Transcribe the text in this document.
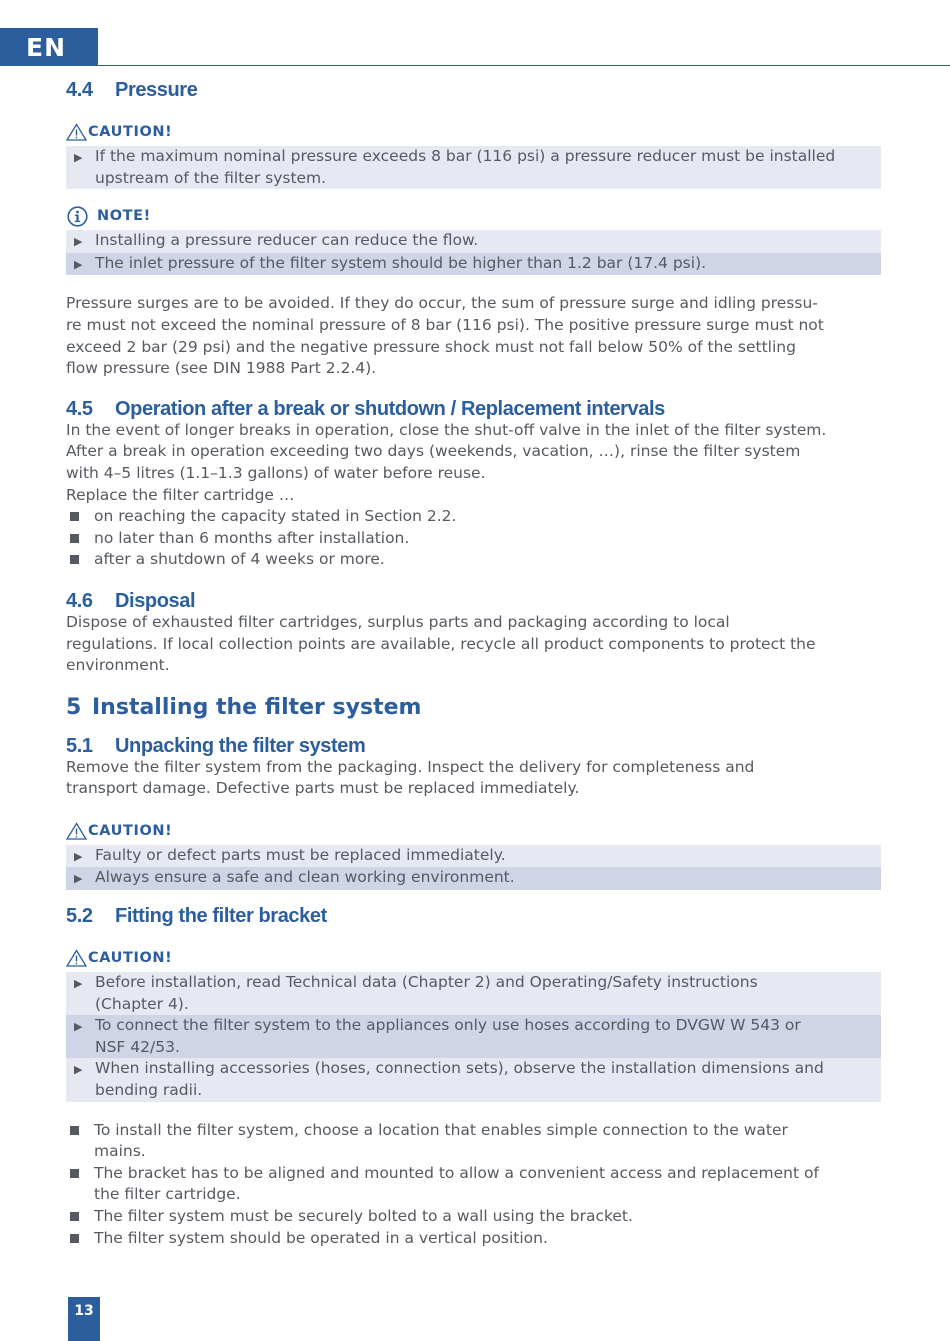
EN
4.4	Pressure
CAUTION!
▶ If the maximum nominal pressure exceeds 8 bar (116 psi) a pressure reducer must be installed
upstream of the filter system.
NOTE!
▶ Installing a pressure reducer can reduce the flow.
▶ The inlet pressure of the filter system should be higher than 1.2 bar (17.4 psi).
Pressure surges are to be avoided. If they do occur, the sum of pressure surge and idling pressu-
re must not exceed the nominal pressure of 8 bar (116 psi). The positive pressure surge must not
exceed 2 bar (29 psi) and the negative pressure shock must not fall below 50% of the settling
flow pressure (see DIN 1988 Part 2.2.4).
4.5	Operation after a break or shutdown / Replacement intervals
In the event of longer breaks in operation, close the shut-off valve in the inlet of the filter system.
After a break in operation exceeding two days (weekends, vacation, …), rinse the filter system
with 4–5 litres (1.1–1.3 gallons) of water before reuse.
Replace the filter cartridge …
on reaching the capacity stated in Section 2.2.
no later than 6 months after installation.
after a shutdown of 4 weeks or more.
4.6	Disposal
Dispose of exhausted filter cartridges, surplus parts and packaging according to local
regulations. If local collection points are available, recycle all product components to protect the
environment.
5 Installing the filter system
5.1	Unpacking the filter system
Remove the filter system from the packaging. Inspect the delivery for completeness and
transport damage. Defective parts must be replaced immediately.
CAUTION!
▶ Faulty or defect parts must be replaced immediately.
▶ Always ensure a safe and clean working environment.
5.2	Fitting the filter bracket
CAUTION!
▶ Before installation, read Technical data (Chapter 2) and Operating/Safety instructions
(Chapter 4).
▶ To connect the filter system to the appliances only use hoses according to DVGW W 543 or
NSF 42/53.
▶ When installing accessories (hoses, connection sets), observe the installation dimensions and
bending radii.
To install the filter system, choose a location that enables simple connection to the water
mains.
The bracket has to be aligned and mounted to allow a convenient access and replacement of
the filter cartridge.
The filter system must be securely bolted to a wall using the bracket.
The filter system should be operated in a vertical position.
13
